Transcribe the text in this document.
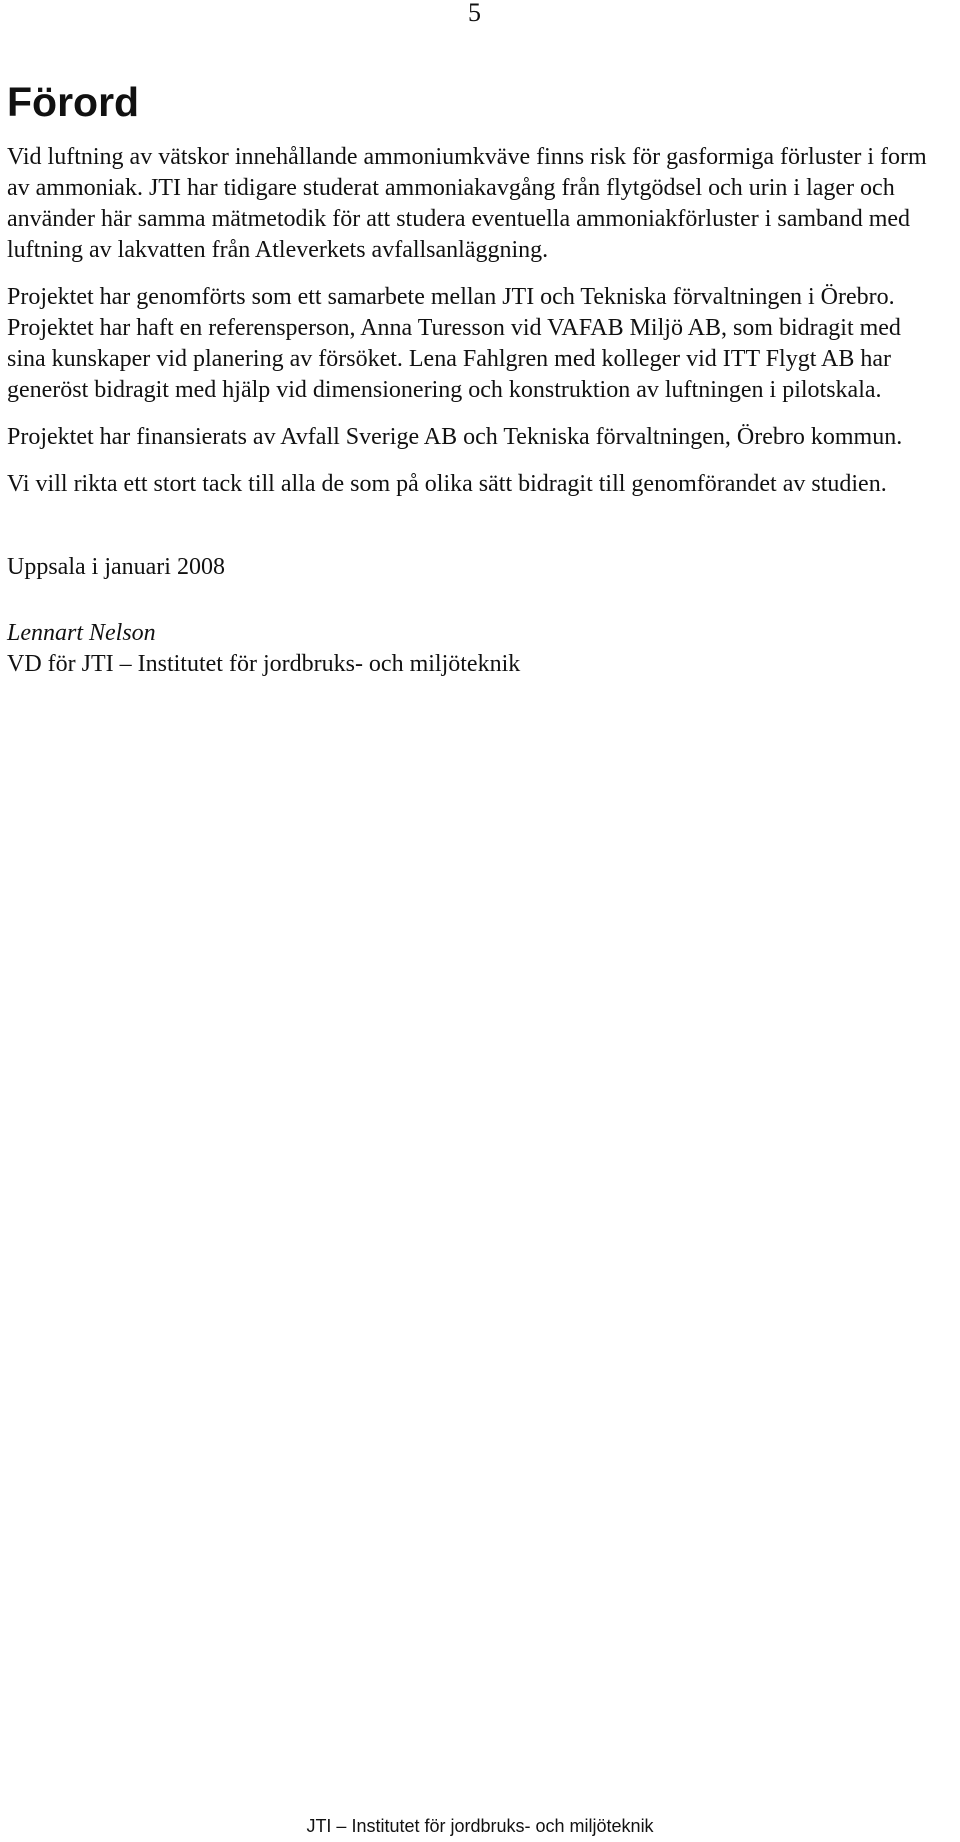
5
Förord

Vid luftning av vätskor innehållande ammoniumkväve finns risk för gasformiga förluster i form av ammoniak. JTI har tidigare studerat ammoniakavgång från flytgödsel och urin i lager och använder här samma mätmetodik för att studera eventuella ammoniakförluster i samband med luftning av lakvatten från Atleverkets avfallsanläggning.

Projektet har genomförts som ett samarbete mellan JTI och Tekniska förvaltningen i Örebro. Projektet har haft en referensperson, Anna Turesson vid VAFAB Miljö AB, som bidragit med sina kunskaper vid planering av försöket. Lena Fahlgren med kolleger vid ITT Flygt AB har generöst bidragit med hjälp vid dimensionering och konstruktion av luftningen i pilotskala.

Projektet har finansierats av Avfall Sverige AB och Tekniska förvaltningen, Örebro kommun.

Vi vill rikta ett stort tack till alla de som på olika sätt bidragit till genomförandet av studien.

Uppsala i januari 2008

Lennart Nelson

VD för JTI – Institutet för jordbruks- och miljöteknik

JTI – Institutet för jordbruks- och miljöteknik
